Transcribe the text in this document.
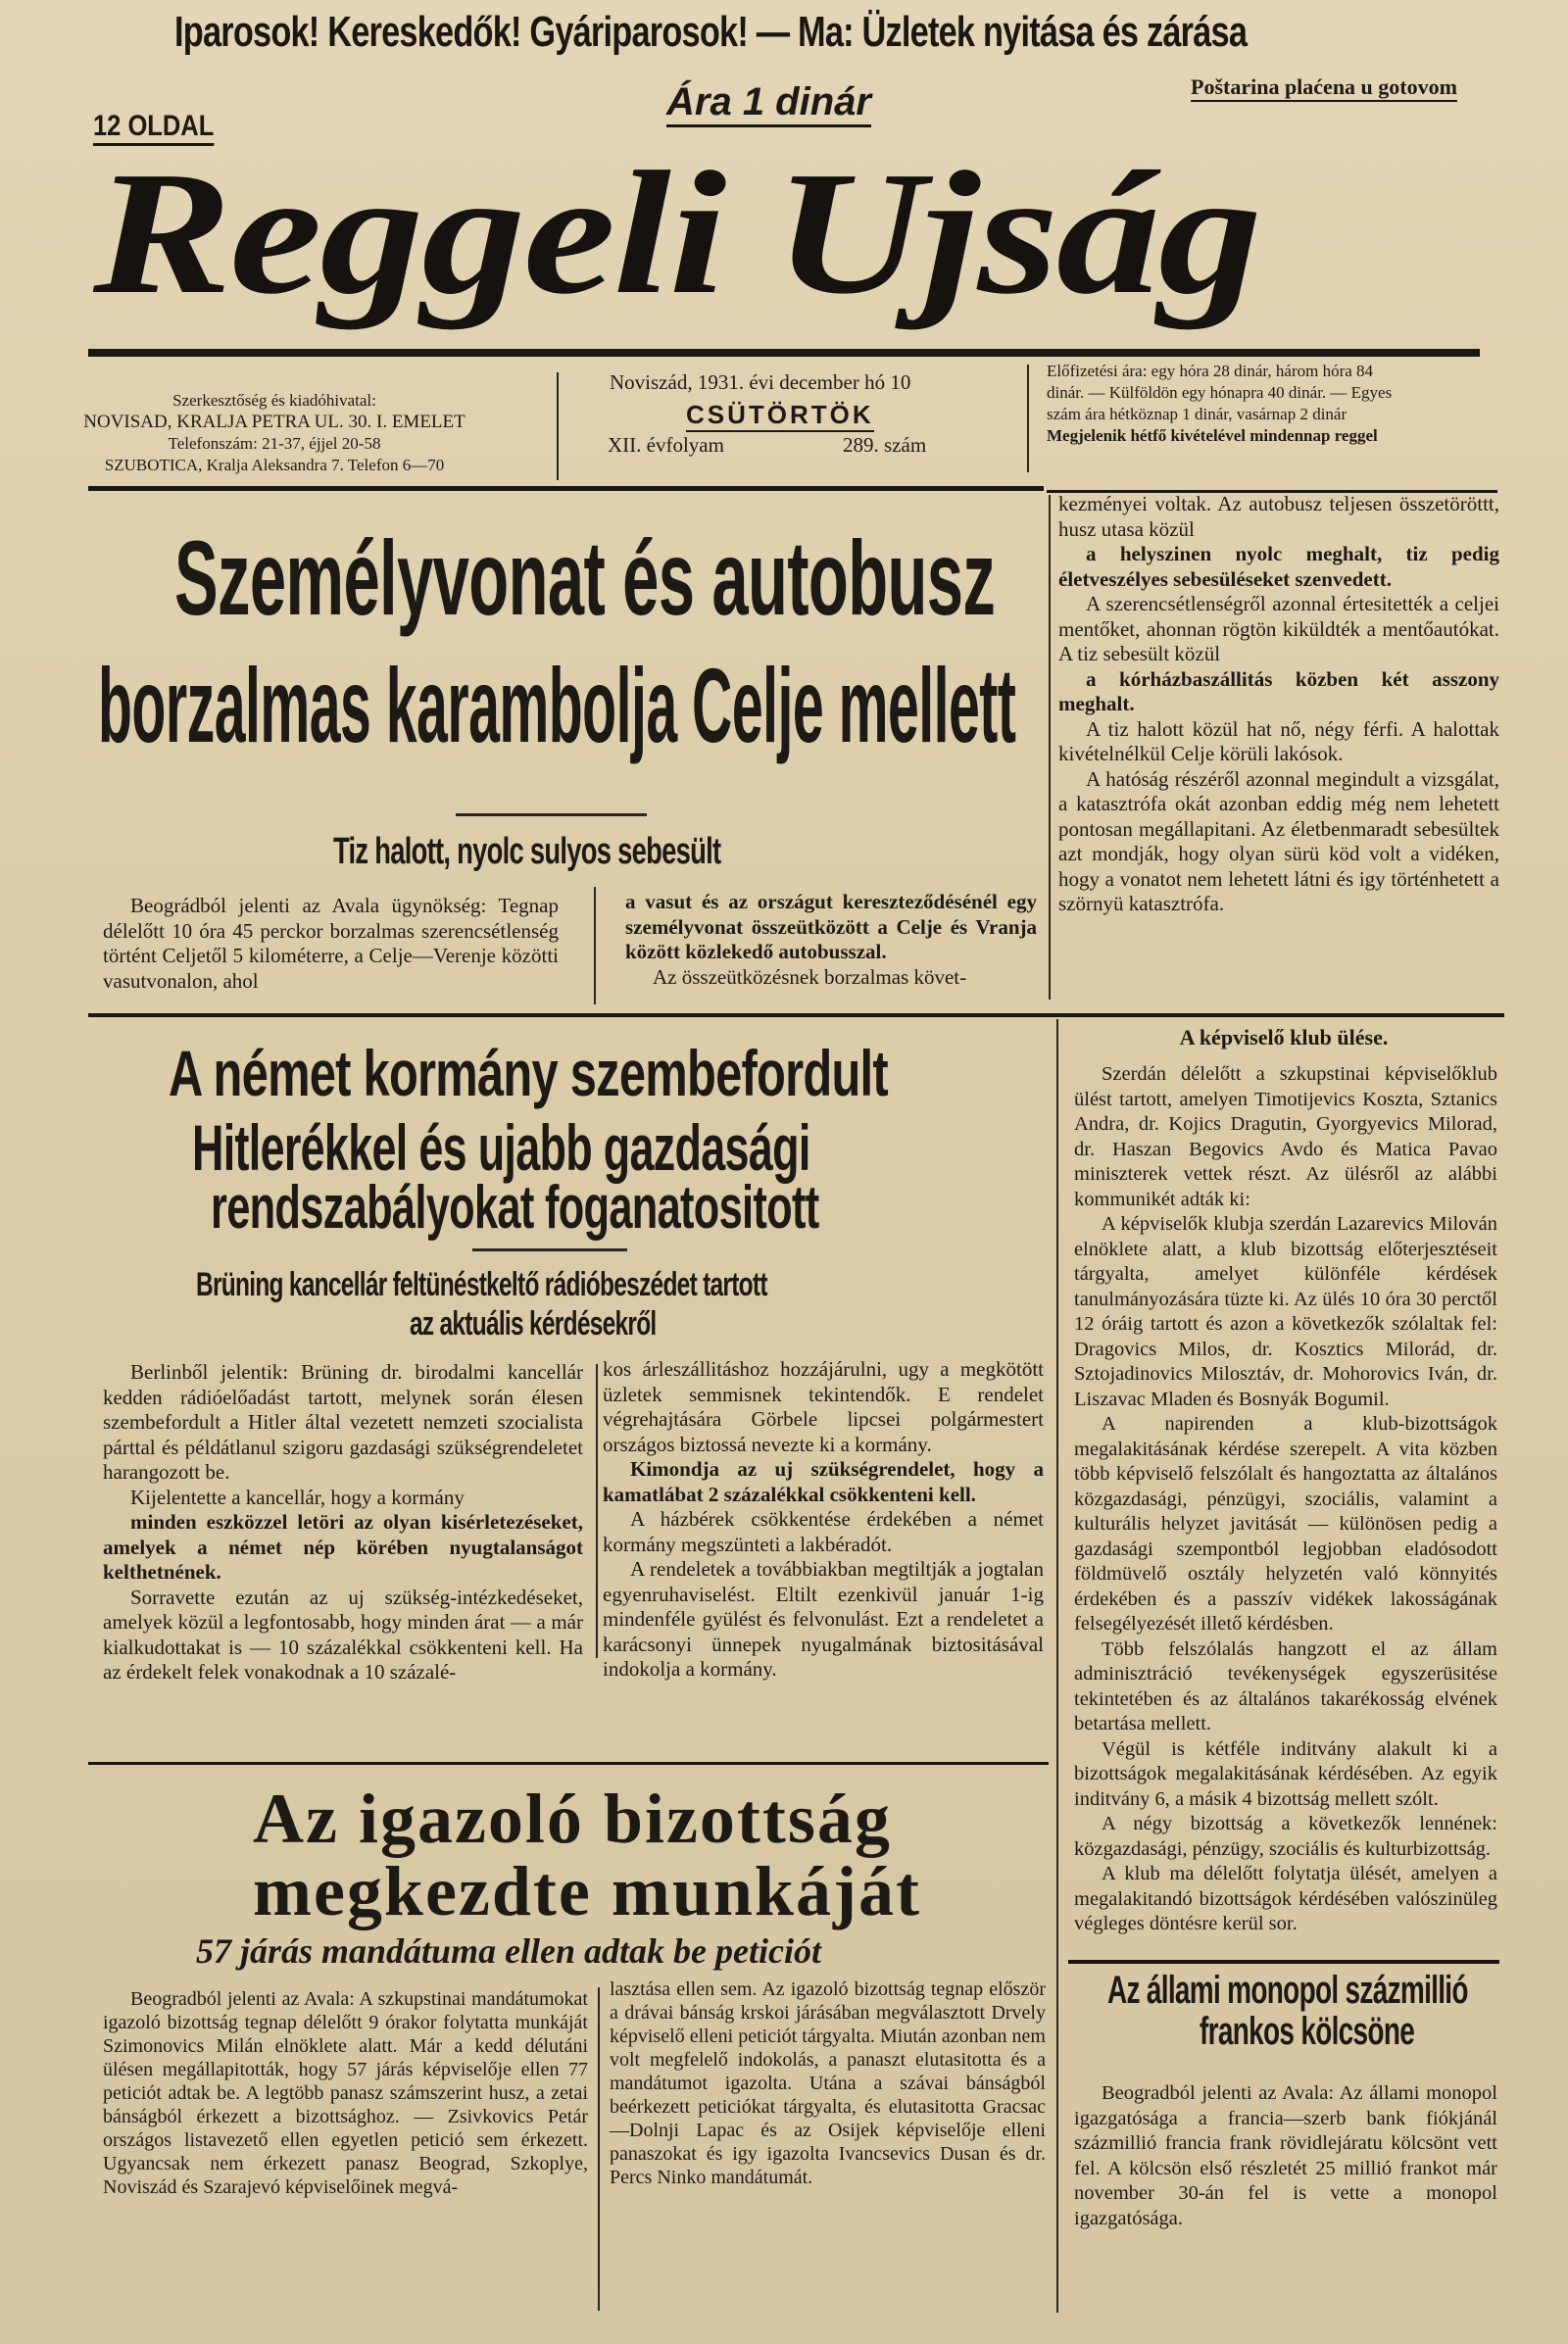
Iparosok! Kereskedők! Gyáriparosok! — Ma: Üzletek nyitása és zárása
12 OLDAL
Ára 1 dinár	Poštarina plaćena u gotovom
Reggeli Ujság
Szerkesztőség és kiadóhivatal:
NOVISAD, KRALJA PETRA UL. 30. I. EMELET
Telefonszám: 21-37, éjjel 20-58
SZUBOTICA, Kralja Aleksandra 7. Telefon 6—70
Noviszád, 1931. évi december hó 10
CSÜTÖRTÖK
XII. évfolyam	289. szám
Előfizetési ára: egy hóra 28 dinár, három hóra 84
dinár. — Külföldön egy hónapra 40 dinár. — Egyes
szám ára hétköznap 1 dinár, vasárnap 2 dinár
Megjelenik hétfő kivételével mindennap reggel
Személyvonat és autobusz
borzalmas karambolja Celje mellett
Tiz halott, nyolc sulyos sebesült

Beográdból jelenti az Avala ügynökség: Tegnap délelőtt 10 óra 45 perckor borzalmas szerencsétlenség történt Celjetől 5 kilométerre, a Celje—Verenje közötti vasutvonalon, ahol

a vasut és az országut kereszteződésénél egy személyvonat összeütközött a Celje és Vranja között közlekedő autobusszal.

Az összeütközésnek borzalmas követ-

kezményei voltak. Az autobusz teljesen összetöröttt, husz utasa közül

a helyszinen nyolc meghalt, tiz pedig életveszélyes sebesüléseket szenvedett.

A szerencsétlenségről azonnal értesitették a celjei mentőket, ahonnan rögtön kiküldték a mentőautókat. A tiz sebesült közül

a kórházbaszállitás közben két asszony meghalt.

A tiz halott közül hat nő, négy férfi. A halottak kivételnélkül Celje körüli lakósok.

A hatóság részéről azonnal megindult a vizsgálat, a katasztrófa okát azonban eddig még nem lehetett pontosan megállapitani. Az életbenmaradt sebesültek azt mondják, hogy olyan sürü köd volt a vidéken, hogy a vonatot nem lehetett látni és igy történhetett a szörnyü katasztrófa.

A német kormány szembefordult
Hitlerékkel és ujabb gazdasági
rendszabályokat foganatositott
Brüning kancellár feltünéstkeltő rádióbeszédet tartott
az aktuális kérdésekről

Berlinből jelentik: Brüning dr. birodalmi kancellár kedden rádióelőadást tartott, melynek során élesen szembefordult a Hitler által vezetett nemzeti szocialista párttal és példátlanul szigoru gazdasági szükségrendeletet harangozott be.

Kijelentette a kancellár, hogy a kormány

minden eszközzel letöri az olyan kisérletezéseket, amelyek a német nép körében nyugtalanságot kelthetnének.

Sorravette ezután az uj szükség-intézkedéseket, amelyek közül a legfontosabb, hogy minden árat — a már kialkudottakat is — 10 százalékkal csökkenteni kell. Ha az érdekelt felek vonakodnak a 10 százalé-

kos árleszállitáshoz hozzájárulni, ugy a megkötött üzletek semmisnek tekintendők. E rendelet végrehajtására Görbele lipcsei polgármestert országos biztossá nevezte ki a kormány.

Kimondja az uj szükségrendelet, hogy a kamatlábat 2 százalékkal csökkenteni kell.

A házbérek csökkentése érdekében a német kormány megszünteti a lakbéradót.

A rendeletek a továbbiakban megtiltják a jogtalan egyenruhaviselést. Eltilt ezenkivül január 1-ig mindenféle gyülést és felvonulást. Ezt a rendeletet a karácsonyi ünnepek nyugalmának biztositásával indokolja a kormány.

Az igazoló bizottság
megkezdte munkáját
57 járás mandátuma ellen adtak be peticiót

Beogradból jelenti az Avala: A szkupstinai mandátumokat igazoló bizottság tegnap délelőtt 9 órakor folytatta munkáját Szimonovics Milán elnöklete alatt. Már a kedd délutáni ülésen megállapitották, hogy 57 járás képviselője ellen 77 peticiót adtak be. A legtöbb panasz számszerint husz, a zetai bánságból érkezett a bizottsághoz. — Zsivkovics Petár országos listavezető ellen egyetlen petició sem érkezett. Ugyancsak nem érkezett panasz Beograd, Szkoplye, Noviszád és Szarajevó képviselőinek megvá-

lasztása ellen sem. Az igazoló bizottság tegnap először a drávai bánság krskoi járásában megválasztott Drvely képviselő elleni peticiót tárgyalta. Miután azonban nem volt megfelelő indokolás, a panaszt elutasitotta és a mandátumot igazolta. Utána a szávai bánságból beérkezett peticiókat tárgyalta, és elutasitotta Gracsac—Dolnji Lapac és az Osijek képviselője elleni panaszokat és igy igazolta Ivancsevics Dusan és dr. Percs Ninko mandátumát.

A képviselő klub ülése.

Szerdán délelőtt a szkupstinai képviselőklub ülést tartott, amelyen Timotijevics Koszta, Sztanics Andra, dr. Kojics Dragutin, Gyorgyevics Milorad, dr. Haszan Begovics Avdo és Matica Pavao miniszterek vettek részt. Az ülésről az alábbi kommunikét adták ki:

A képviselők klubja szerdán Lazarevics Milován elnöklete alatt, a klub bizottság előterjesztéseit tárgyalta, amelyet különféle kérdések tanulmányozására tüzte ki. Az ülés 10 óra 30 perctől 12 óráig tartott és azon a következők szólaltak fel: Dragovics Milos, dr. Kosztics Milorád, dr. Sztojadinovics Milosztáv, dr. Mohorovics Iván, dr. Liszavac Mladen és Bosnyák Bogumil.

A napirenden a klub-bizottságok megalakitásának kérdése szerepelt. A vita közben több képviselő felszólalt és hangoztatta az általános közgazdasági, pénzügyi, szociális, valamint a kulturális helyzet javitását — különösen pedig a gazdasági szempontból legjobban eladósodott földmüvelő osztály helyzetén való könnyités érdekében és a passzív vidékek lakosságának felsegélyezését illető kérdésben.

Több felszólalás hangzott el az állam adminisztráció tevékenységek egyszerüsitése tekintetében és az általános takarékosság elvének betartása mellett.

Végül is kétféle inditvány alakult ki a bizottságok megalakitásának kérdésében. Az egyik inditvány 6, a másik 4 bizottság mellett szólt.

A négy bizottság a következők lennének: közgazdasági, pénzügy, szociális és kulturbizottság.

A klub ma délelőtt folytatja ülését, amelyen a megalakitandó bizottságok kérdésében valószinüleg végleges döntésre kerül sor.

Az állami monopol százmillió
frankos kölcsöne

Beogradból jelenti az Avala: Az állami monopol igazgatósága a francia—szerb bank fiókjánál százmillió francia frank rövidlejáratu kölcsönt vett fel. A kölcsön első részletét 25 millió frankot már november 30-án fel is vette a monopol igazgatósága.
